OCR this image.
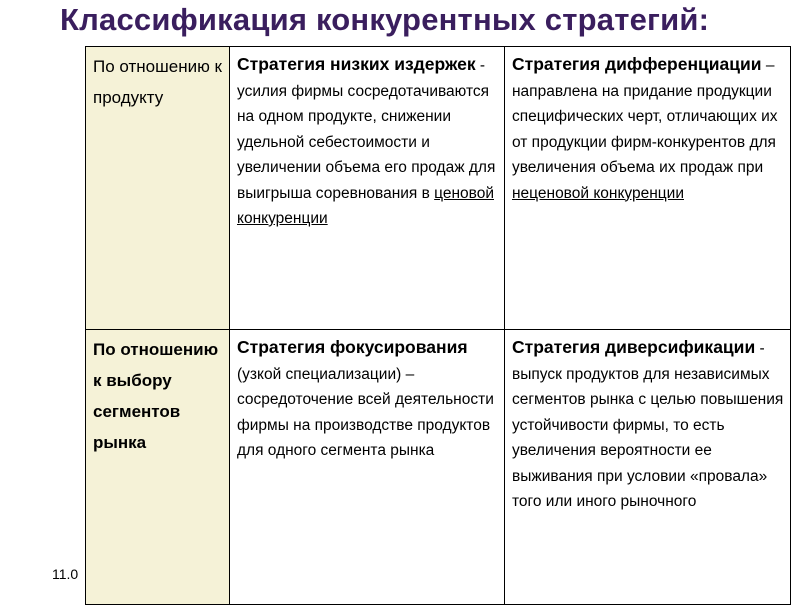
Классификация конкурентных стратегий:
По отношению к продукту	Стратегия низких издержек - усилия фирмы сосредотачиваются на одном продукте, снижении удельной себестоимости и увеличении объема его продаж для выигрыша соревнования в ценовой конкуренции	Стратегия дифференциации – направлена на придание продукции специфических черт, отличающих их от продукции фирм-конкурентов для увеличения объема их продаж при неценовой конкуренции

По отношению к выбору сегментов рынка	Стратегия фокусирования (узкой специализации) – сосредоточение всей деятельности фирмы на производстве продуктов для одного сегмента рынка	Стратегия диверсификации - выпуск продуктов для независимых сегментов рынка с целью повышения устойчивости фирмы, то есть увеличения вероятности ее выживания при условии «провала» того или иного рыночного
11.0
